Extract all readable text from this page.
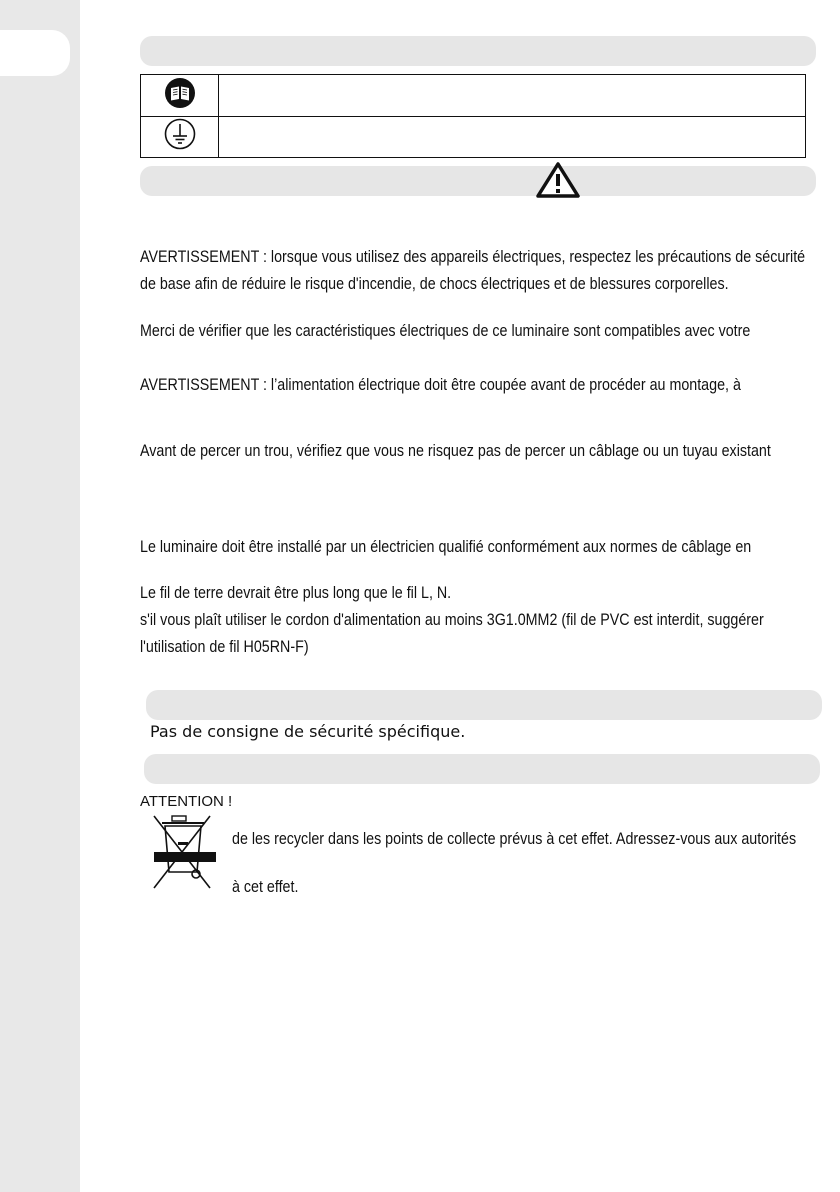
AVERTISSEMENT : lorsque vous utilisez des appareils électriques, respectez les précautions de sécurité
de base afin de réduire le risque d'incendie, de chocs électriques et de blessures corporelles.
Merci de vérifier que les caractéristiques électriques de ce luminaire sont compatibles avec votre
AVERTISSEMENT : l’alimentation électrique doit être coupée avant de procéder au montage, à
Avant de percer un trou, vérifiez que vous ne risquez pas de percer un câblage ou un tuyau existant
Le luminaire doit être installé par un électricien qualifié conformément aux normes de câblage en
Le fil de terre devrait être plus long que le fil L, N.
s'il vous plaît utiliser le cordon d'alimentation au moins 3G1.0MM2 (fil de PVC est interdit, suggérer
l'utilisation de fil H05RN-F)
Pas de consigne de sécurité spécifique.
ATTENTION !
de les recycler dans les points de collecte prévus à cet effet. Adressez-vous aux autorités
à cet effet.
